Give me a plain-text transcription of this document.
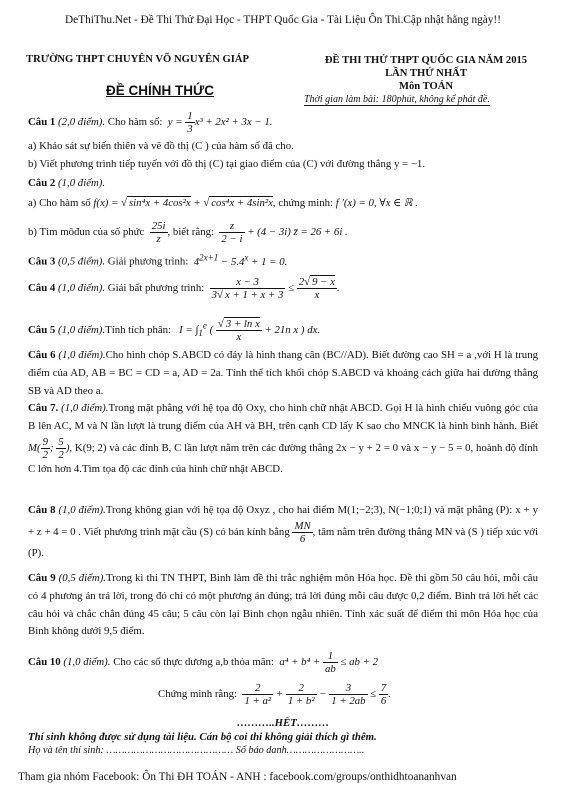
DeThiThu.Net - Đề Thi Thử Đại Học - THPT Quốc Gia - Tài Liệu Ôn Thi.Cập nhật hằng ngày!!
TRƯỜNG THPT CHUYÊN VÕ NGUYÊN GIÁP	ĐỀ THI THỬ THPT QUỐC GIA NĂM 2015
LẦN THỨ NHẤT
Môn TOÁN
ĐỀ CHÍNH THỨC
Thời gian làm bài: 180phút, không kể phát đề.
Câu 1 (2,0 điểm). Cho hàm số:  $y = \frac{1}{3} x^3 + 2x^2 + 3x - 1$.
a) Khảo sát sự biến thiên và vẽ đồ thị (C ) của hàm số đã cho.
b) Viết phương trình tiếp tuyến với đồ thị (C) tại giao điểm của (C) với đường thẳng y = −1.
Câu 2 (1,0 điểm).
a) Cho hàm số f(x) = √ sin⁴x + 4cos²x + √ cos⁴x + 4sin²x, chứng minh: f ′(x) = 0, ∀x ∈ ℝ .
b) Tìm môđun của số phức $\frac{25i}{z}$ , biết rằng: $\frac{z}{2 - i} + (4 - 3i)$ z̄ = 26 + 6i .
Câu 3 (0,5 điểm). Giải phương trình:  $4^{2x+1} - 5.4^x + 1 = 0$.
Câu 4 (1,0 điểm). Giải bất phương trình: $\frac{x - 3}{3√ x + 1 + x + 3} \le \frac{2√ 9 - x}{x}$ .
Câu 5 (1,0 điểm).Tính tích phân:   $I = \int_1^e$ ( $\frac{\text{√ 3 + ln x}}{x} + 21n$ x ) dx.
Câu 6 (1,0 điểm).Cho hình chóp S.ABCD có đáy là hình thang cân (BC//AD). Biết đường cao SH = a ,với H là trung điểm của AD, AB = BC = CD = a, AD = 2a. Tính thể tích khối chóp S.ABCD và khoảng cách giữa hai đường thẳng SB và AD theo a.
Câu 7. (1,0 điểm).Trong mặt phẳng với hệ tọa độ Oxy, cho hình chữ nhật ABCD. Gọi H là hình chiếu vuông góc của B lên AC, M và N lần lượt là trung điểm của AH và BH, trên cạnh CD lấy K sao cho MNCK là hình bình hành. Biết $M( \frac{9}{2}$ ; $\frac{5}{2}$ ), K(9; 2) và các đỉnh B, C lần lượt nằm trên các đường thẳng 2x − y + 2 = 0 và x − y − 5 = 0, hoành độ đỉnh C lớn hơn 4.Tìm tọa độ các đỉnh của hình chữ nhật ABCD.
Câu 8 (1,0 điểm).Trong không gian với hệ tọa độ Oxyz , cho hai điểm M(1;−2;3), N(−1;0;1) và mặt phẳng (P): x + y + z + 4 = 0 . Viết phương trình mặt cầu (S) có bán kính bằng $\frac{MN}{6}$ , tâm nằm trên đường thẳng MN và (S ) tiếp xúc với (P).
Câu 9 (0,5 điểm).Trong kì thi TN THPT, Bình làm đề thi trắc nghiệm môn Hóa học. Đề thi gồm 50 câu hỏi, mỗi câu có 4 phương án trả lời, trong đó chỉ có một phương án đúng; trả lời đúng mỗi câu được 0,2 điểm. Bình trả lời hết các câu hỏi và chắc chắn đúng 45 câu; 5 câu còn lại Bình chọn ngẫu nhiên. Tính xác suất để điểm thi môn Hóa học của Bình không dưới 9,5 điểm.
Câu 10 (1,0 điểm). Cho các số thực dương a,b thỏa mãn:  $a^4 + b^4 + \frac{1}{ab}$ ≤ ab + 2
Chứng minh rằng: $\frac{2}{\text{1 + a²}} + \frac{2}{\text{1 + b²}} - \frac{3}{1 + 2ab} \le \frac{7}{6}$ .
………..HẾT………
Thí sinh không được sử dụng tài liệu. Cán bộ coi thi không giải thích gì thêm.
Họ và tên thí sinh: …………………………………… Số báo danh……………………..
Tham gia nhóm Facebook: Ôn Thi ĐH TOÁN - ANH : facebook.com/groups/onthidhtoananhvan
